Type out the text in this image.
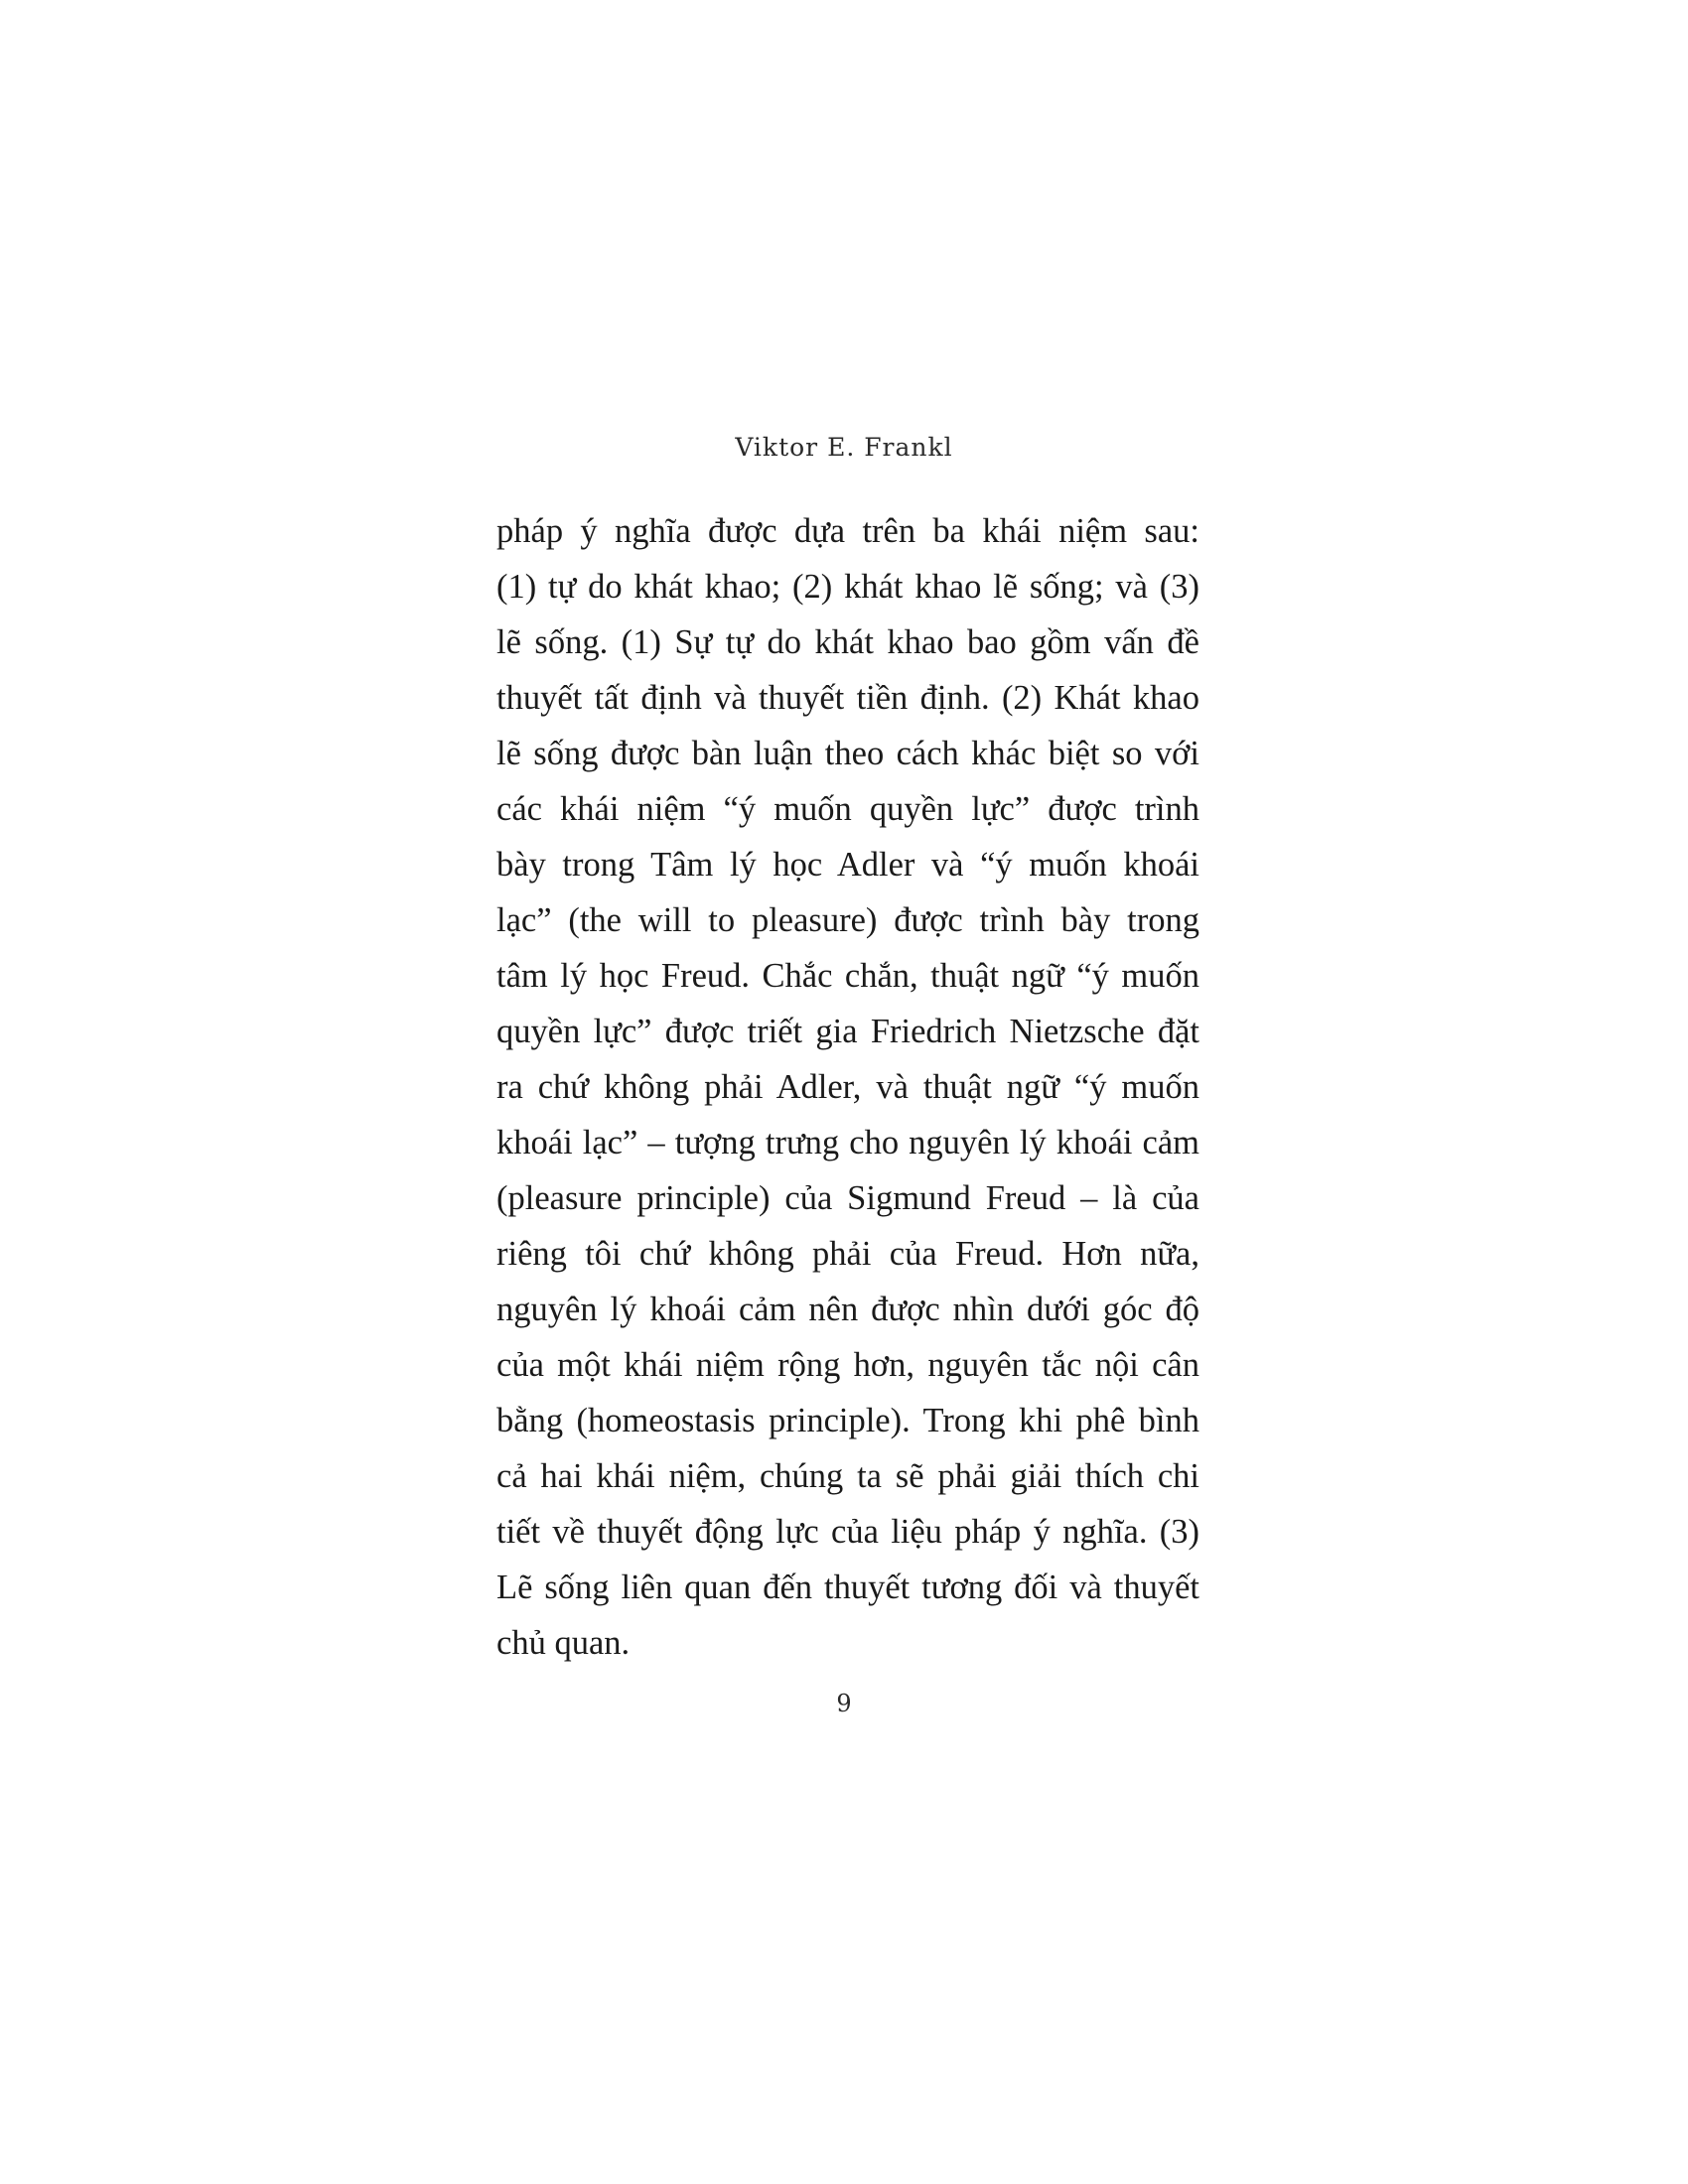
Viktor E. Frankl
pháp ý nghĩa được dựa trên ba khái niệm sau:
(1) tự do khát khao; (2) khát khao lẽ sống; và (3)
lẽ sống. (1) Sự tự do khát khao bao gồm vấn đề
thuyết tất định và thuyết tiền định. (2) Khát khao
lẽ sống được bàn luận theo cách khác biệt so với
các khái niệm “ý muốn quyền lực” được trình
bày trong Tâm lý học Adler và “ý muốn khoái
lạc” (the will to pleasure) được trình bày trong
tâm lý học Freud. Chắc chắn, thuật ngữ “ý muốn
quyền lực” được triết gia Friedrich Nietzsche đặt
ra chứ không phải Adler, và thuật ngữ “ý muốn
khoái lạc” – tượng trưng cho nguyên lý khoái cảm
(pleasure principle) của Sigmund Freud – là của
riêng tôi chứ không phải của Freud. Hơn nữa,
nguyên lý khoái cảm nên được nhìn dưới góc độ
của một khái niệm rộng hơn, nguyên tắc nội cân
bằng (homeostasis principle). Trong khi phê bình
cả hai khái niệm, chúng ta sẽ phải giải thích chi
tiết về thuyết động lực của liệu pháp ý nghĩa. (3)
Lẽ sống liên quan đến thuyết tương đối và thuyết
chủ quan.
9
